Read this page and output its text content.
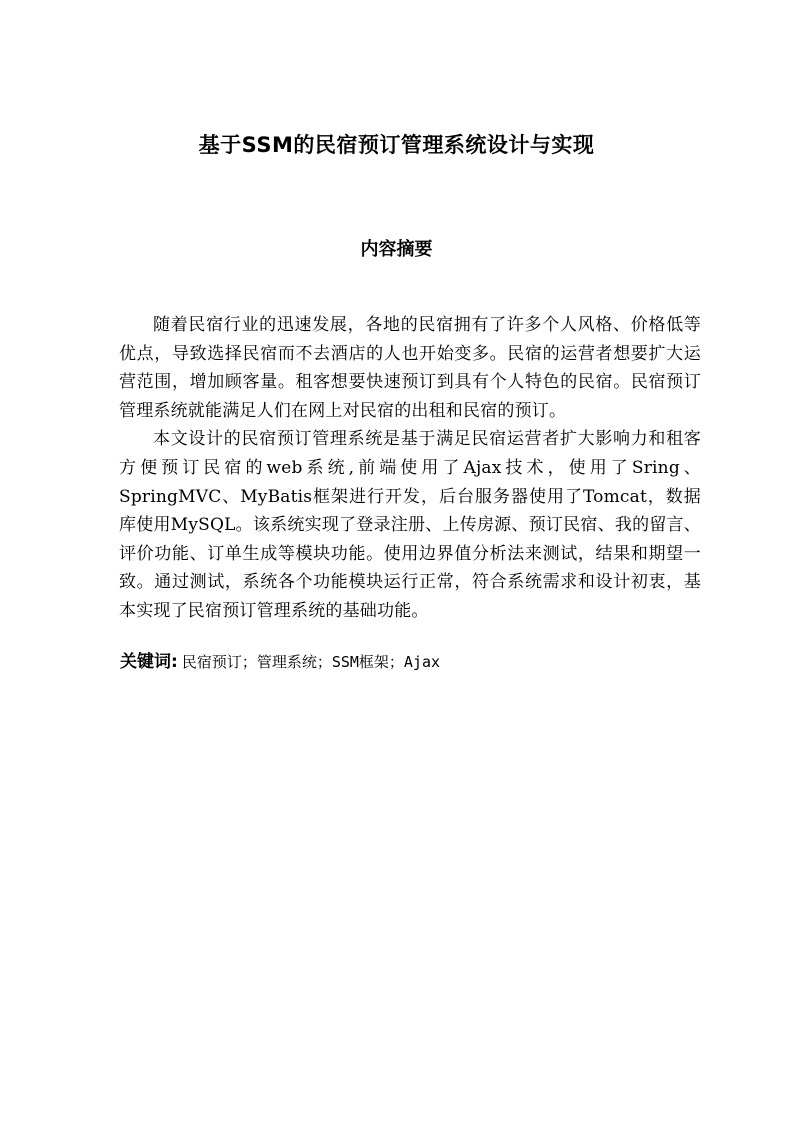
基于SSM的民宿预订管理系统设计与实现
内容摘要

随着民宿行业的迅速发展，各地的民宿拥有了许多个人风格、价格低等优点，导致选择民宿而不去酒店的人也开始变多。民宿的运营者想要扩大运营范围，增加顾客量。租客想要快速预订到具有个人特色的民宿。民宿预订管理系统就能满足人们在网上对民宿的出租和民宿的预订。

本文设计的民宿预订管理系统是基于满足民宿运营者扩大影响力和租客方便预订民宿的web系统,前端使用了Ajax技术，使用了Sring、SpringMVC、MyBatis框架进行开发，后台服务器使用了Tomcat，数据库使用MySQL。该系统实现了登录注册、上传房源、预订民宿、我的留言、评价功能、订单生成等模块功能。使用边界值分析法来测试，结果和期望一致。通过测试，系统各个功能模块运行正常，符合系统需求和设计初衷，基本实现了民宿预订管理系统的基础功能。

关键词: 民宿预订；管理系统；SSM框架；Ajax
